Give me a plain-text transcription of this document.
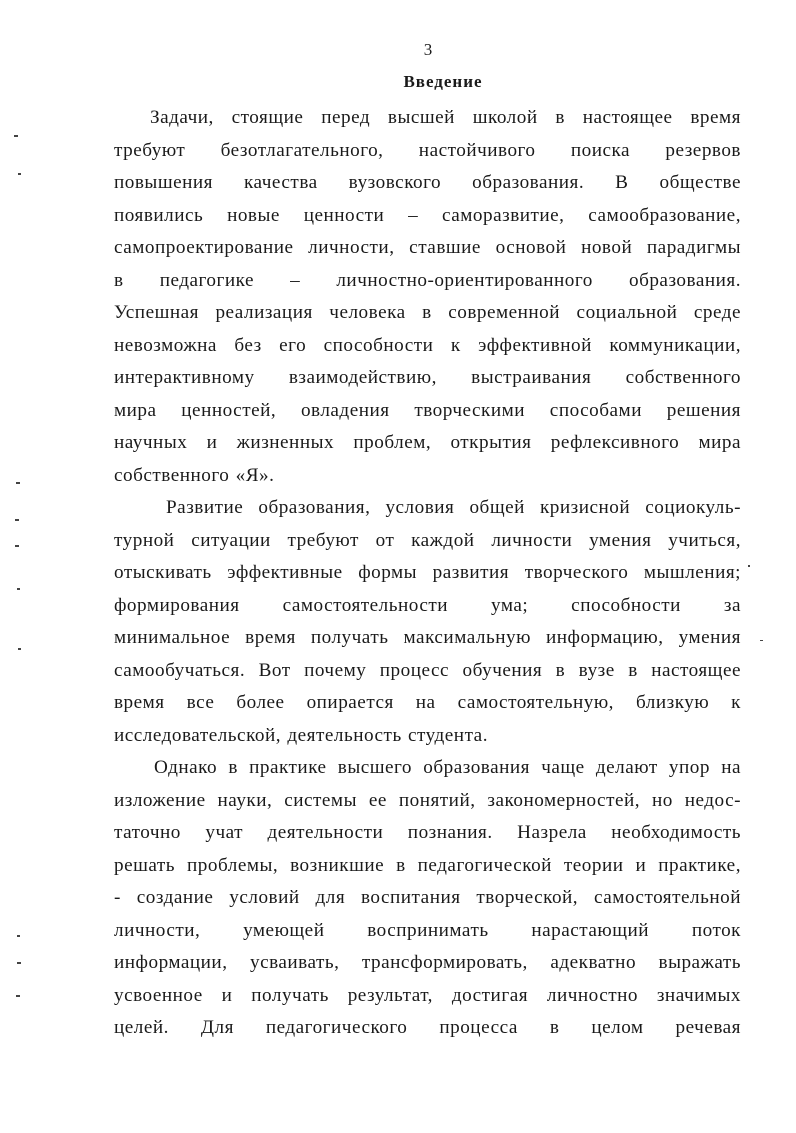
3
Введение
Задачи, стоящие перед высшей школой в настоящее время
требуют безотлагательного, настойчивого поиска резервов
повышения качества вузовского образования. В обществе
появились новые ценности – саморазвитие, самообразование,
самопроектирование личности, ставшие основой новой парадигмы
в педагогике – личностно-ориентированного образования.
Успешная реализация человека в современной социальной среде
невозможна без его способности к эффективной коммуникации,
интерактивному взаимодействию, выстраивания собственного
мира ценностей, овладения творческими способами решения
научных и жизненных проблем, открытия рефлексивного мира
собственного «Я».
Развитие образования, условия общей кризисной социокуль-
турной ситуации требуют от каждой личности умения учиться,
отыскивать эффективные формы развития творческого мышления;
формирования самостоятельности ума; способности за
минимальное время получать максимальную информацию, умения
самообучаться. Вот почему процесс обучения в вузе в настоящее
время все более опирается на самостоятельную, близкую к
исследовательской, деятельность студента.
Однако в практике высшего образования чаще делают упор на
изложение науки, системы ее понятий, закономерностей, но недос-
таточно учат деятельности познания. Назрела необходимость
решать проблемы, возникшие в педагогической теории и практике,
- создание условий для воспитания творческой, самостоятельной
личности, умеющей воспринимать нарастающий поток
информации, усваивать, трансформировать, адекватно выражать
усвоенное и получать результат, достигая личностно значимых
целей. Для педагогического процесса в целом речевая
